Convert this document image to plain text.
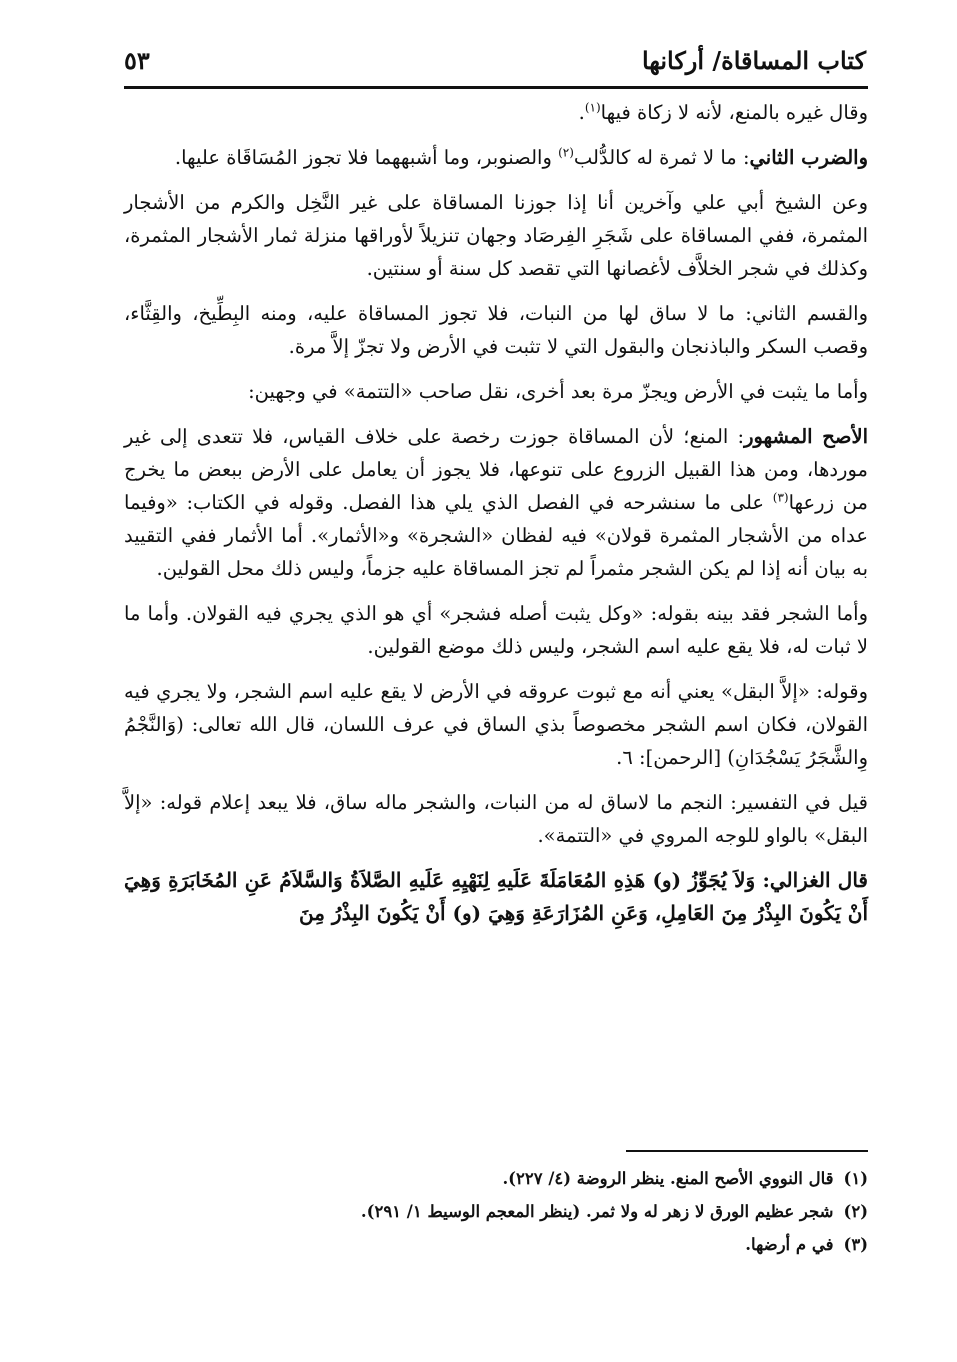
كتاب المساقاة/ أركانها
٥٣

وقال غيره بالمنع، لأنه لا زكاة فيها$^{(١)}$.

والضرب الثاني: ما لا ثمرة له كالدُّلب$^{(٢)}$ والصنوبر، وما أشبههما فلا تجوز المُسَاقَاة عليها.

وعن الشيخ أبي علي وآخرين أنا إذا جوزنا المساقاة على غير النَّخِل والكرم من الأشجار المثمرة، ففي المساقاة على شَجَرِ الفِرصَاد وجهان تنزيلاً لأوراقها منزلة ثمار الأشجار المثمرة، وكذلك في شجر الخلاَّف لأغصانها التي تقصد كل سنة أو سنتين.

والقسم الثاني: ما لا ساق لها من النبات، فلا تجوز المساقاة عليه، ومنه البِطِّيخ، والقِثَّاء، وقصب السكر والباذنجان والبقول التي لا تثبت في الأرض ولا تجزّ إلاَّ مرة.

وأما ما يثبت في الأرض ويجزّ مرة بعد أخرى، نقل صاحب «التتمة» في وجهين:

الأصح المشهور: المنع؛ لأن المساقاة جوزت رخصة على خلاف القياس، فلا تتعدى إلى غير موردها، ومن هذا القبيل الزروع على تنوعها، فلا يجوز أن يعامل على الأرض ببعض ما يخرج من زرعها$^{(٣)}$ على ما سنشرحه في الفصل الذي يلي هذا الفصل. وقوله في الكتاب: «وفيما عداه من الأشجار المثمرة قولان» فيه لفظان «الشجرة» و«الأثمار». أما الأثمار ففي التقييد به بيان أنه إذا لم يكن الشجر مثمراً لم تجز المساقاة عليه جزماً، وليس ذلك محل القولين.

وأما الشجر فقد بينه بقوله: «وكل يثبت أصله فشجر» أي هو الذي يجري فيه القولان. وأما ما لا ثبات له، فلا يقع عليه اسم الشجر، وليس ذلك موضع القولين.

وقوله: «إلاَّ البقل» يعني أنه مع ثبوت عروقه في الأرض لا يقع عليه اسم الشجر، ولا يجري فيه القولان، فكان اسم الشجر مخصوصاً بذي الساق في عرف اللسان، قال الله تعالى: (وَالنَّجْمُ وِالشَّجَرُ يَسْجُدَانِ) [الرحمن]: ٦.

قيل في التفسير: النجم ما لاساق له من النبات، والشجر ماله ساق، فلا يبعد إعلام قوله: «إلاَّ البقل» بالواو للوجه المروي في «التتمة».

قال الغزالي: وَلاَ يُجَوِّزُ (و) هَذِهِ المُعَامَلَةَ عَلَيهِ لِنَهْيِهِ عَلَيهِ الصَّلاَةُ وَالسَّلاَمُ عَنِ المُخَابَرَةِ وَهِيَ أَنْ يَكُونَ البِذْرُ مِنَ العَامِلِ، وَعَنِ المُزَارَعَةِ وَهِيَ (و) أَنْ يَكُونَ البِذْرُ مِنَ

(١)قال النووي الأصح المنع. ينظر الروضة (٤/ ٢٢٧).
(٢)شجر عظيم الورق لا زهر له ولا ثمر. (ينظر المعجم الوسيط ١/ ٢٩١).
(٣)في م أرضها.
